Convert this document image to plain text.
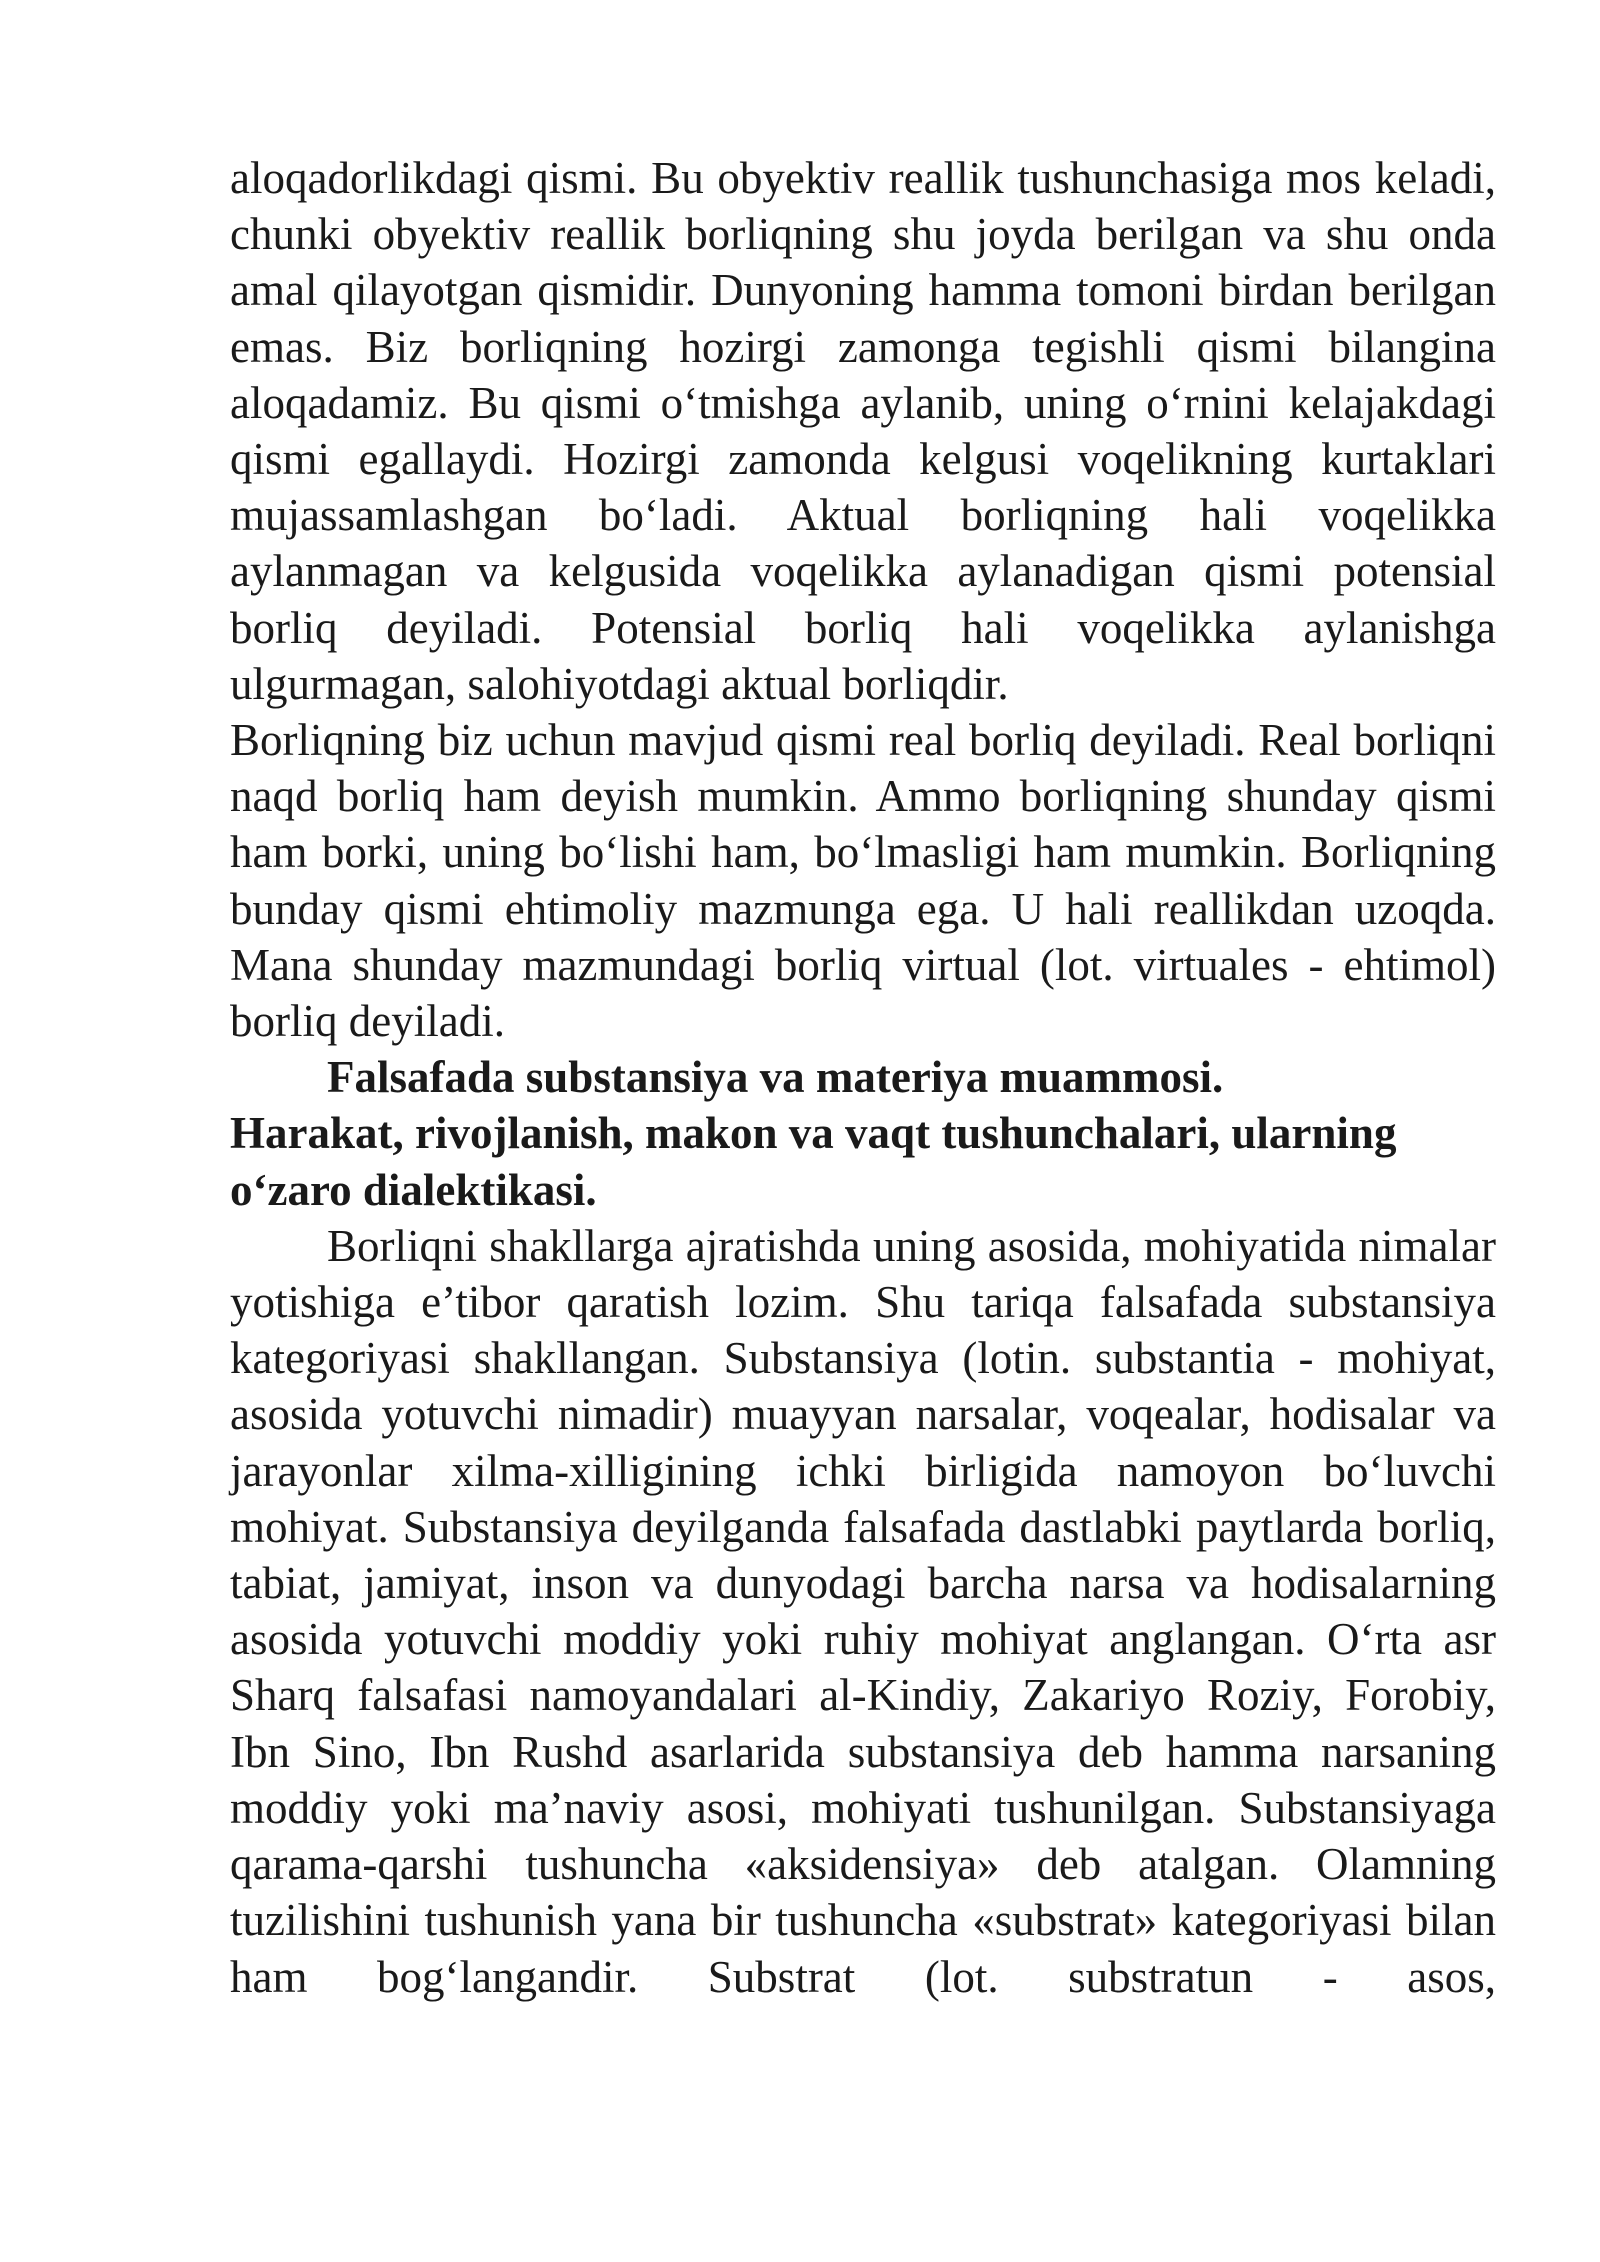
aloqadorlikdagi qismi. Bu obyektiv reallik tushunchasiga mos keladi, chunki obyektiv reallik borliqning shu joyda berilgan va shu onda amal qilayotgan qismidir. Dunyoning hamma tomoni birdan berilgan emas. Biz borliqning hozirgi zamonga tegishli qismi bilangina aloqadamiz. Bu qismi o‘tmishga aylanib, uning o‘rnini kelajakdagi qismi egallaydi. Hozirgi zamonda kelgusi voqelikning kurtaklari mujassamlashgan bo‘ladi. Aktual borliqning hali voqelikka aylanmagan va kelgusida voqelikka aylanadigan qismi potensial borliq deyiladi. Potensial borliq hali voqelikka aylanishga ulgurmagan, salohiyotdagi aktual borliqdir.

Borliqning biz uchun mavjud qismi real borliq deyiladi. Real borliqni naqd borliq ham deyish mumkin. Ammo borliqning shunday qismi ham borki, uning bo‘lishi ham, bo‘lmasligi ham mumkin. Borliqning bunday qismi ehtimoliy mazmunga ega. U hali reallikdan uzoqda. Mana shunday mazmundagi borliq virtual (lot. virtuales - ehtimol) borliq deyiladi.

Falsafada substansiya va materiya muammosi.

Harakat, rivojlanish, makon va vaqt tushunchalari, ularning o‘zaro dialektikasi.

Borliqni shakllarga ajratishda uning asosida, mohiyatida nimalar yotishiga e’tibor qaratish lozim. Shu tariqa falsafada substansiya kategoriyasi shakllangan. Substansiya (lotin. substantia - mohiyat, asosida yotuvchi nimadir) muayyan narsalar, voqealar, hodisalar va jarayonlar xilma-xilligining ichki birligida namoyon bo‘luvchi mohiyat. Substansiya deyilganda falsafada dastlabki paytlarda borliq, tabiat, jamiyat, inson va dunyodagi barcha narsa va hodisalarning asosida yotuvchi moddiy yoki ruhiy mohiyat anglangan. O‘rta asr Sharq falsafasi namoyandalari al-Kindiy, Zakariyo Roziy, Forobiy, Ibn Sino, Ibn Rushd asarlarida substansiya deb hamma narsaning moddiy yoki ma’naviy asosi, mohiyati tushunilgan. Substansiyaga qarama-qarshi tushuncha «aksidensiya» deb atalgan. Olamning tuzilishini tushunish yana bir tushuncha «substrat» kategoriyasi bilan ham bog‘langandir. Substrat (lot. substratun - asos,
